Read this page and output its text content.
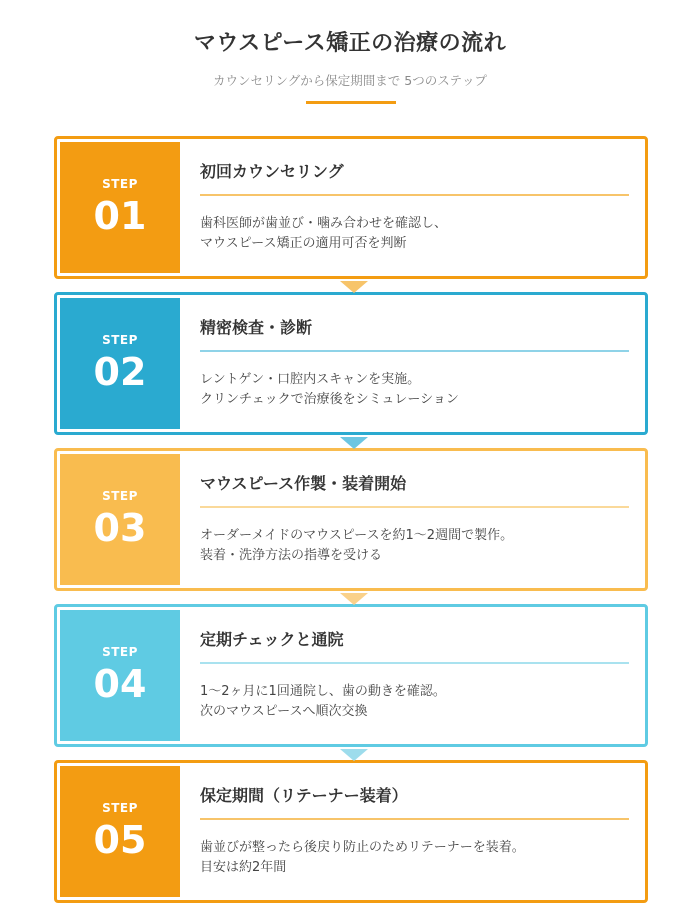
マウスピース矯正の治療の流れ
カウンセリングから保定期間まで 5つのステップ
STEP
01
初回カウンセリング
歯科医師が歯並び・噛み合わせを確認し、
マウスピース矯正の適用可否を判断
STEP
02
精密検査・診断
レントゲン・口腔内スキャンを実施。
クリンチェックで治療後をシミュレーション
STEP
03
マウスピース作製・装着開始
オーダーメイドのマウスピースを約1〜2週間で製作。
装着・洗浄方法の指導を受ける
STEP
04
定期チェックと通院
1〜2ヶ月に1回通院し、歯の動きを確認。
次のマウスピースへ順次交換
STEP
05
保定期間（リテーナー装着）
歯並びが整ったら後戻り防止のためリテーナーを装着。
目安は約2年間
